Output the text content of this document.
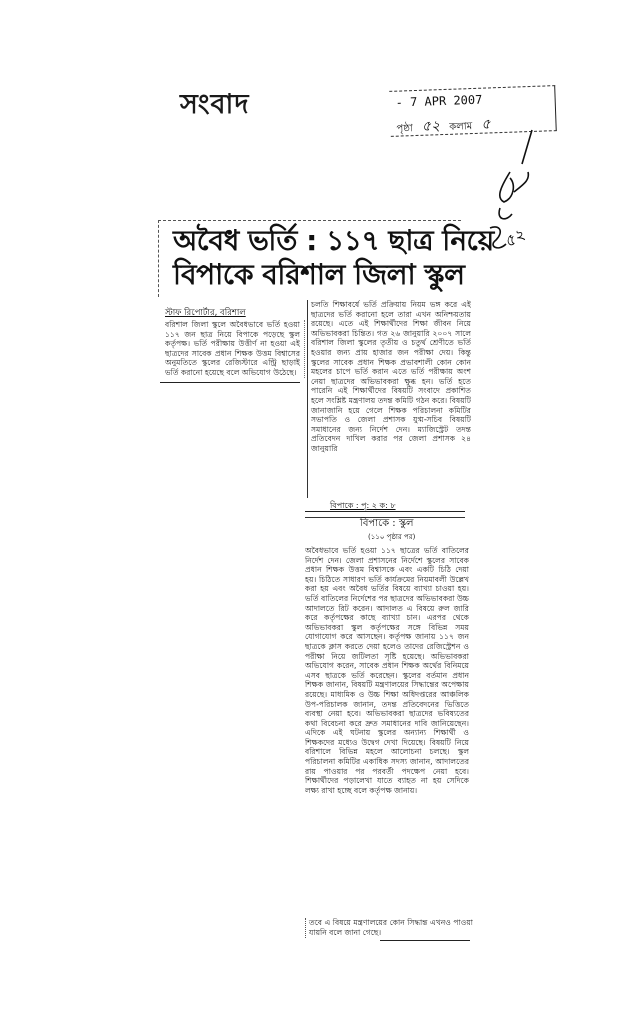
সংবাদ	- 7 APR 2007
পৃষ্ঠা ৫২ কলাম ৫
৫২
অবৈধ ভর্তি : ১১৭ ছাত্র নিয়ে
বিপাকে বরিশাল জিলা স্কুল
স্টাফ রিপোর্টার, বরিশাল
বরিশাল জিলা স্কুলে অবৈধভাবে ভর্তি হওয়া ১১৭ জন ছাত্র নিয়ে বিপাকে পড়েছে স্কুল কর্তৃপক্ষ। ভর্তি পরীক্ষায় উত্তীর্ণ না হওয়া এই ছাত্রদের সাবেক প্রধান শিক্ষক উত্তম বিশ্বাসের অনুমতিতে স্কুলের রেজিস্টারে এন্ট্রি ছাড়াই ভর্তি করানো হয়েছে বলে অভিযোগ উঠেছে।
চলতি শিক্ষাবর্ষে ভর্তি প্রক্রিয়ায় নিয়ম ভঙ্গ করে এই ছাত্রদের ভর্তি করানো হলে তারা এখন অনিশ্চয়তায় রয়েছে। এতে এই শিক্ষার্থীদের শিক্ষা জীবন নিয়ে অভিভাবকরা চিন্তিত। গত ২৬ জানুয়ারি ২০০৭ সালে বরিশাল জিলা স্কুলের তৃতীয় ও চতুর্থ শ্রেণীতে ভর্তি হওয়ার জন্য প্রায় হাজার জন পরীক্ষা দেয়। কিন্তু স্কুলের সাবেক প্রধান শিক্ষক প্রভাবশালী কোন কোন মহলের চাপে ভর্তি করান এতে ভর্তি পরীক্ষায় অংশ নেয়া ছাত্রদের অভিভাবকরা ক্ষুব্ধ হন। ভর্তি হতে পারেনি এই শিক্ষার্থীদের বিষয়টি সংবাদে প্রকাশিত হলে সংশ্লিষ্ট মন্ত্রণালয় তদন্ত কমিটি গঠন করে। বিষয়টি জানাজানি হয়ে গেলে শিক্ষক পরিচালনা কমিটির সভাপতি ও জেলা প্রশাসক যুগ্ম-সচিব বিষয়টি সমাধানের জন্য নির্দেশ দেন। ম্যাজিস্ট্রেট তদন্ত প্রতিবেদন দাখিল করার পর জেলা প্রশাসক ২৪ জানুয়ারি
বিপাকে : পৃ: ২ ক: ৮
বিপাকে : স্কুল
(১১০ পৃষ্ঠার পর)
অবৈধভাবে ভর্তি হওয়া ১১৭ ছাত্রের ভর্তি বাতিলের নির্দেশ দেন। জেলা প্রশাসনের নির্দেশে স্কুলের সাবেক প্রধান শিক্ষক উত্তম বিশ্বাসকে এবং একটি চিঠি দেয়া হয়। চিঠিতে সাধারণ ভর্তি কার্যক্রমের নিয়মাবলী উল্লেখ করা হয় এবং অবৈধ ভর্তির বিষয়ে ব্যাখ্যা চাওয়া হয়। ভর্তি বাতিলের নির্দেশের পর ছাত্রদের অভিভাবকরা উচ্চ আদালতে রিট করেন। আদালত এ বিষয়ে রুল জারি করে কর্তৃপক্ষের কাছে ব্যাখ্যা চান। এরপর থেকে অভিভাবকরা স্কুল কর্তৃপক্ষের সঙ্গে বিভিন্ন সময় যোগাযোগ করে আসছেন। কর্তৃপক্ষ জানায় ১১৭ জন ছাত্রকে ক্লাস করতে দেয়া হলেও তাদের রেজিস্ট্রেশন ও পরীক্ষা নিয়ে জটিলতা সৃষ্টি হয়েছে। অভিভাবকরা অভিযোগ করেন, সাবেক প্রধান শিক্ষক অর্থের বিনিময়ে এসব ছাত্রকে ভর্তি করেছেন। স্কুলের বর্তমান প্রধান শিক্ষক জানান, বিষয়টি মন্ত্রণালয়ের সিদ্ধান্তের অপেক্ষায় রয়েছে। মাধ্যমিক ও উচ্চ শিক্ষা অধিদপ্তরের আঞ্চলিক উপ-পরিচালক জানান, তদন্ত প্রতিবেদনের ভিত্তিতে ব্যবস্থা নেয়া হবে। অভিভাবকরা ছাত্রদের ভবিষ্যতের কথা বিবেচনা করে দ্রুত সমাধানের দাবি জানিয়েছেন। এদিকে এই ঘটনায় স্কুলের অন্যান্য শিক্ষার্থী ও শিক্ষকদের মধ্যেও উদ্বেগ দেখা দিয়েছে। বিষয়টি নিয়ে বরিশালে বিভিন্ন মহলে আলোচনা চলছে। স্কুল পরিচালনা কমিটির একাধিক সদস্য জানান, আদালতের রায় পাওয়ার পর পরবর্তী পদক্ষেপ নেয়া হবে। শিক্ষার্থীদের পড়ালেখা যাতে ব্যাহত না হয় সেদিকে লক্ষ্য রাখা হচ্ছে বলে কর্তৃপক্ষ জানায়।
তবে এ বিষয়ে মন্ত্রণালয়ের কোন সিদ্ধান্ত এখনও পাওয়া যায়নি বলে জানা গেছে।
